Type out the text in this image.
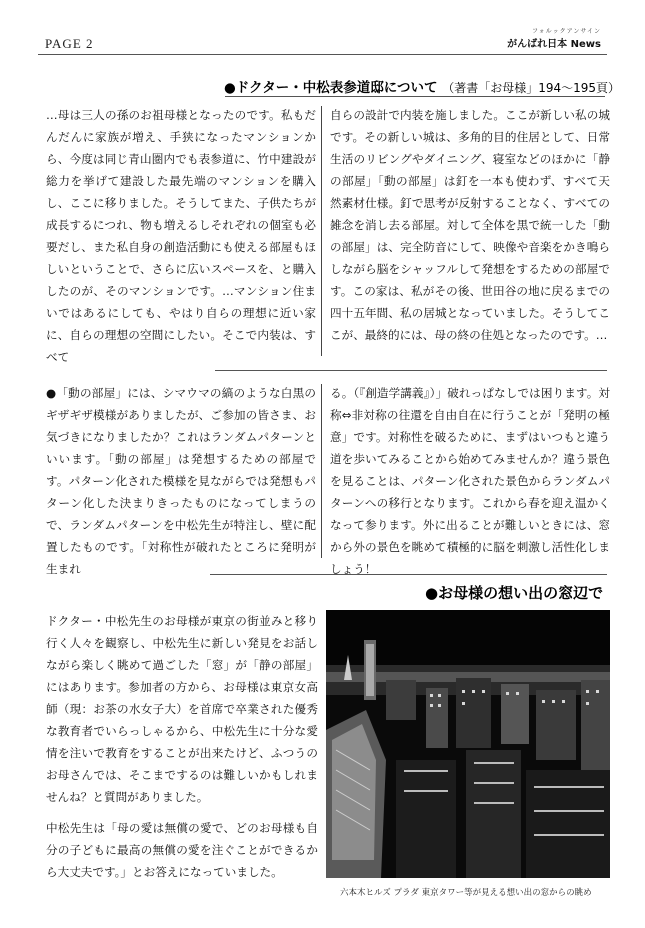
PAGE 2
フォルックアンサイン
がんばれ日本 News
●ドクター・中松表参道邸について （著書「お母様」194～195頁）

…母は三人の孫のお祖母様となったのです。私もだんだんに家族が増え、手狭になったマンションから、今度は同じ青山圏内でも表参道に、竹中建設が総力を挙げて建設した最先端のマンションを購入し、ここに移りました。そうしてまた、子供たちが成長するにつれ、物も増えるしそれぞれの個室も必要だし、また私自身の創造活動にも使える部屋もほしいということで、さらに広いスペースを、と購入したのが、そのマンションです。…マンション住まいではあるにしても、やはり自らの理想に近い家に、自らの理想の空間にしたい。そこで内装は、すべて

自らの設計で内装を施しました。ここが新しい私の城です。その新しい城は、多角的目的住居として、日常生活のリビングやダイニング、寝室などのほかに「静の部屋」「動の部屋」は釘を一本も使わず、すべて天然素材仕様。釘で思考が反射することなく、すべての雑念を消し去る部屋。対して全体を黒で統一した「動の部屋」は、完全防音にして、映像や音楽をかき鳴らしながら脳をシャッフルして発想をするための部屋です。この家は、私がその後、世田谷の地に戻るまでの四十五年間、私の居城となっていました。そうしてここが、最終的には、母の終の住処となったのです。…

●「動の部屋」には、シマウマの縞のような白黒のギザギザ模様がありましたが、ご参加の皆さま、お気づきになりましたか？これはランダムパターンといいます。「動の部屋」は発想するための部屋です。パターン化された模様を見ながらでは発想もパターン化した決まりきったものになってしまうので、ランダムパターンを中松先生が特注し、壁に配置したものです。「対称性が破れたところに発明が生まれ

る。（『創造学講義』）」破れっぱなしでは困ります。対称⇔非対称の往還を自由自在に行うことが「発明の極意」です。対称性を破るために、まずはいつもと違う道を歩いてみることから始めてみませんか？違う景色を見ることは、パターン化された景色からランダムパターンへの移行となります。これから春を迎え温かくなって参ります。外に出ることが難しいときには、窓から外の景色を眺めて積極的に脳を刺激し活性化しましょう！

●お母様の想い出の窓辺で

ドクター・中松先生のお母様が東京の街並みと移り行く人々を観察し、中松先生に新しい発見をお話しながら楽しく眺めて過ごした「窓」が「静の部屋」にはあります。参加者の方から、お母様は東京女高師（現：お茶の水女子大）を首席で卒業された優秀な教育者でいらっしゃるから、中松先生に十分な愛情を注いで教育をすることが出来たけど、ふつうのお母さんでは、そこまでするのは難しいかもしれませんね？と質問がありました。

中松先生は「母の愛は無償の愛で、どのお母様も自分の子どもに最高の無償の愛を注ぐことができるから大丈夫です。」とお答えになっていました。

六本木ヒルズ プラダ 東京タワー等が見える想い出の窓からの眺め
